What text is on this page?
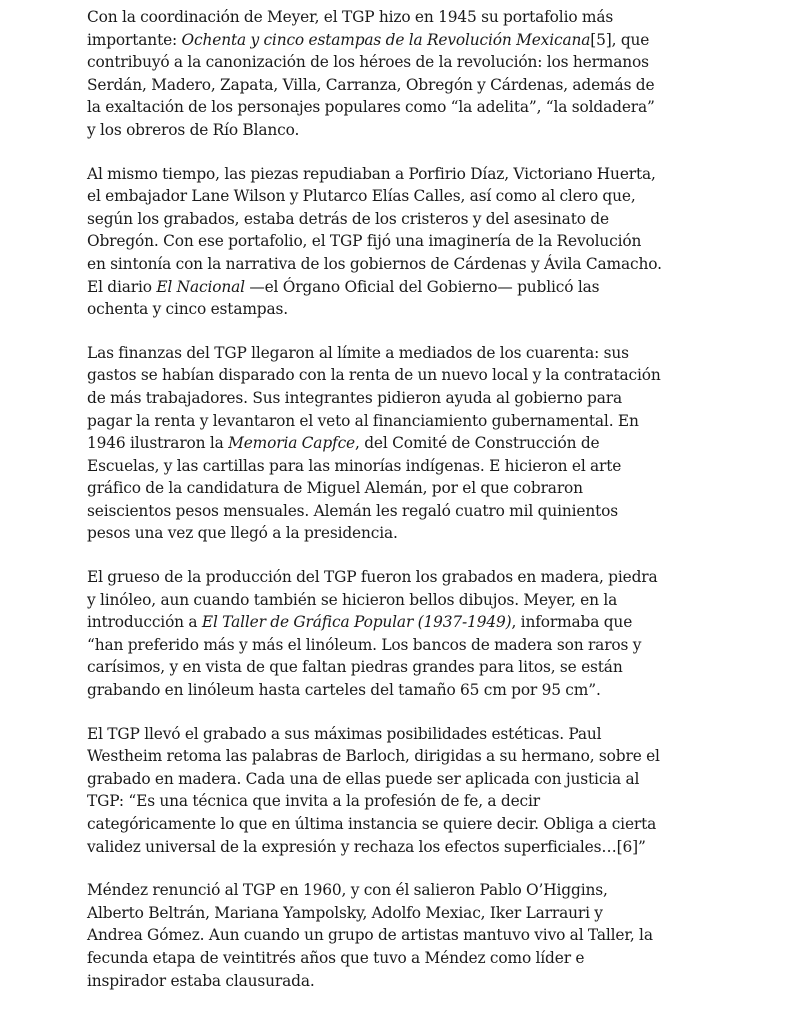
Con la coordinación de Meyer, el TGP hizo en 1945 su portafolio más importante: Ochenta y cinco estampas de la Revolución Mexicana[5], que contribuyó a la canonización de los héroes de la revolución: los hermanos Serdán, Madero, Zapata, Villa, Carranza, Obregón y Cárdenas, además de la exaltación de los personajes populares como “la adelita”, “la soldadera” y los obreros de Río Blanco.

Al mismo tiempo, las piezas repudiaban a Porfirio Díaz, Victoriano Huerta, el embajador Lane Wilson y Plutarco Elías Calles, así como al clero que, según los grabados, estaba detrás de los cristeros y del asesinato de Obregón. Con ese portafolio, el TGP fijó una imaginería de la Revolución en sintonía con la narrativa de los gobiernos de Cárdenas y Ávila Camacho. El diario El Nacional —el Órgano Oficial del Gobierno— publicó las ochenta y cinco estampas.

Las finanzas del TGP llegaron al límite a mediados de los cuarenta: sus gastos se habían disparado con la renta de un nuevo local y la contratación de más trabajadores. Sus integrantes pidieron ayuda al gobierno para pagar la renta y levantaron el veto al financiamiento gubernamental. En 1946 ilustraron la Memoria Capfce, del Comité de Construcción de Escuelas, y las cartillas para las minorías indígenas. E hicieron el arte gráfico de la candidatura de Miguel Alemán, por el que cobraron seiscientos pesos mensuales. Alemán les regaló cuatro mil quinientos pesos una vez que llegó a la presidencia.

El grueso de la producción del TGP fueron los grabados en madera, piedra y linóleo, aun cuando también se hicieron bellos dibujos. Meyer, en la introducción a El Taller de Gráfica Popular (1937-1949), informaba que “han preferido más y más el linóleum. Los bancos de madera son raros y carísimos, y en vista de que faltan piedras grandes para litos, se están grabando en linóleum hasta carteles del tamaño 65 cm por 95 cm”.

El TGP llevó el grabado a sus máximas posibilidades estéticas. Paul Westheim retoma las palabras de Barloch, dirigidas a su hermano, sobre el grabado en madera. Cada una de ellas puede ser aplicada con justicia al TGP: “Es una técnica que invita a la profesión de fe, a decir categóricamente lo que en última instancia se quiere decir. Obliga a cierta validez universal de la expresión y rechaza los efectos superficiales…[6]”

Méndez renunció al TGP en 1960, y con él salieron Pablo O’Higgins, Alberto Beltrán, Mariana Yampolsky, Adolfo Mexiac, Iker Larrauri y Andrea Gómez. Aun cuando un grupo de artistas mantuvo vivo al Taller, la fecunda etapa de veintitrés años que tuvo a Méndez como líder e inspirador estaba clausurada.
